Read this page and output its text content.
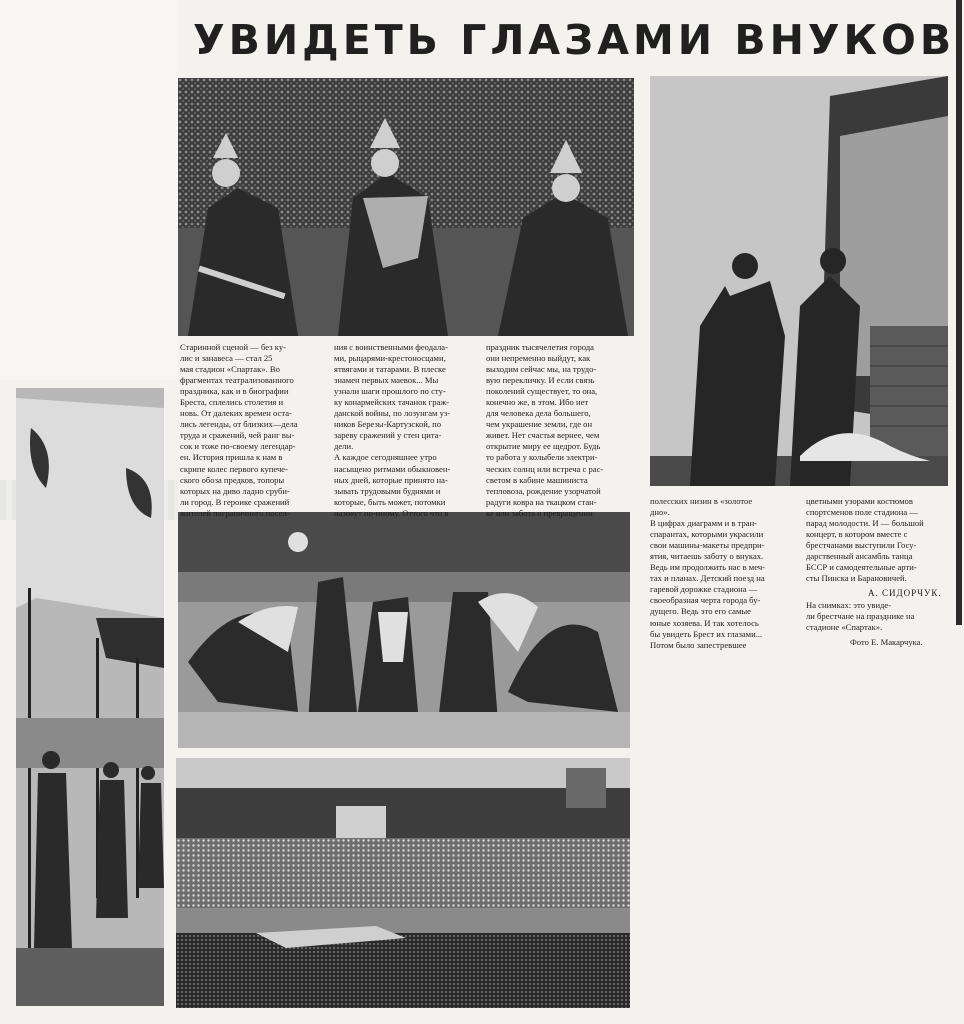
УВИДЕТЬ ГЛАЗАМИ ВНУКОВ
Старинной сценой — без ку-
лис и занавеса — стал 25
мая стадион «Спартак». Во
фрагментах театрализованного
праздника, как и в биографии
Бреста, сплелись столетия и
новь. От далеких времен оста-
лись легенды, от близких—дела
труда и сражений, чей ранг вы-
сок и тоже по-своему легендар-
ен. История пришла к нам в
скрипе колес первого купече-
ского обоза предков, топоры
которых на диво ладно сруби-
ли город. В героике сражений
жителей пограничного посел-
ния с воинственными феодала-
ми, рыцарями-крестоносцами,
ятвягами и татарами. В плеске
знамен первых маевок... Мы
узнали шаги прошлого по сту-
ку конармейских тачанок граж-
данской войны, по лозунгам уз-
ников Березы-Картузской, по
зареву сражений у стен цита-
дели.
А каждое сегодняшнее утро
насыщено ритмами обыкновен-
ных дней, которые принято на-
зывать трудовыми буднями и
которые, быть может, потомки
назовут по-иному. Оттого что в
праздник тысячелетия города
они непременно выйдут, как
выходим сейчас мы, на трудо-
вую перекличку. И если связь
поколений существует, то она,
конечно же, в этом. Ибо нет
для человека дела большего,
чем украшение земли, где он
живет. Нет счастья вернее, чем
открытие миру ее щедрот. Будь
то работа у колыбели электри-
ческих солнц или встреча с рас-
светом в кабине машиниста
тепловоза, рождение узорчатой
радуги ковра на ткацком стан-
ке или забота о превращении
полесских низин в «золотое
дно».
В цифрах диаграмм и в тран-
спарантах, которыми украсили
свои машины-макеты предпри-
ятия, читаешь заботу о внуках.
Ведь им продолжить нас в меч-
тах и планах. Детский поезд на
гаревой дорожке стадиона —
своеобразная черта города бу-
дущего. Ведь это его самые
юные хозяева. И так хотелось
бы увидеть Брест их глазами...
Потом было запестревшее
цветными узорами костюмов
спортсменов поле стадиона —
парад молодости. И — большой
концерт, в котором вместе с
брестчанами выступили Госу-
дарственный ансамбль танца
БССР и самодеятельные арти-
сты Пинска и Барановичей.
А. СИДОРЧУК.
На снимках: это увиде-
ли брестчане на празднике на
стадионе «Спартак».
Фото Е. Макарчука.
